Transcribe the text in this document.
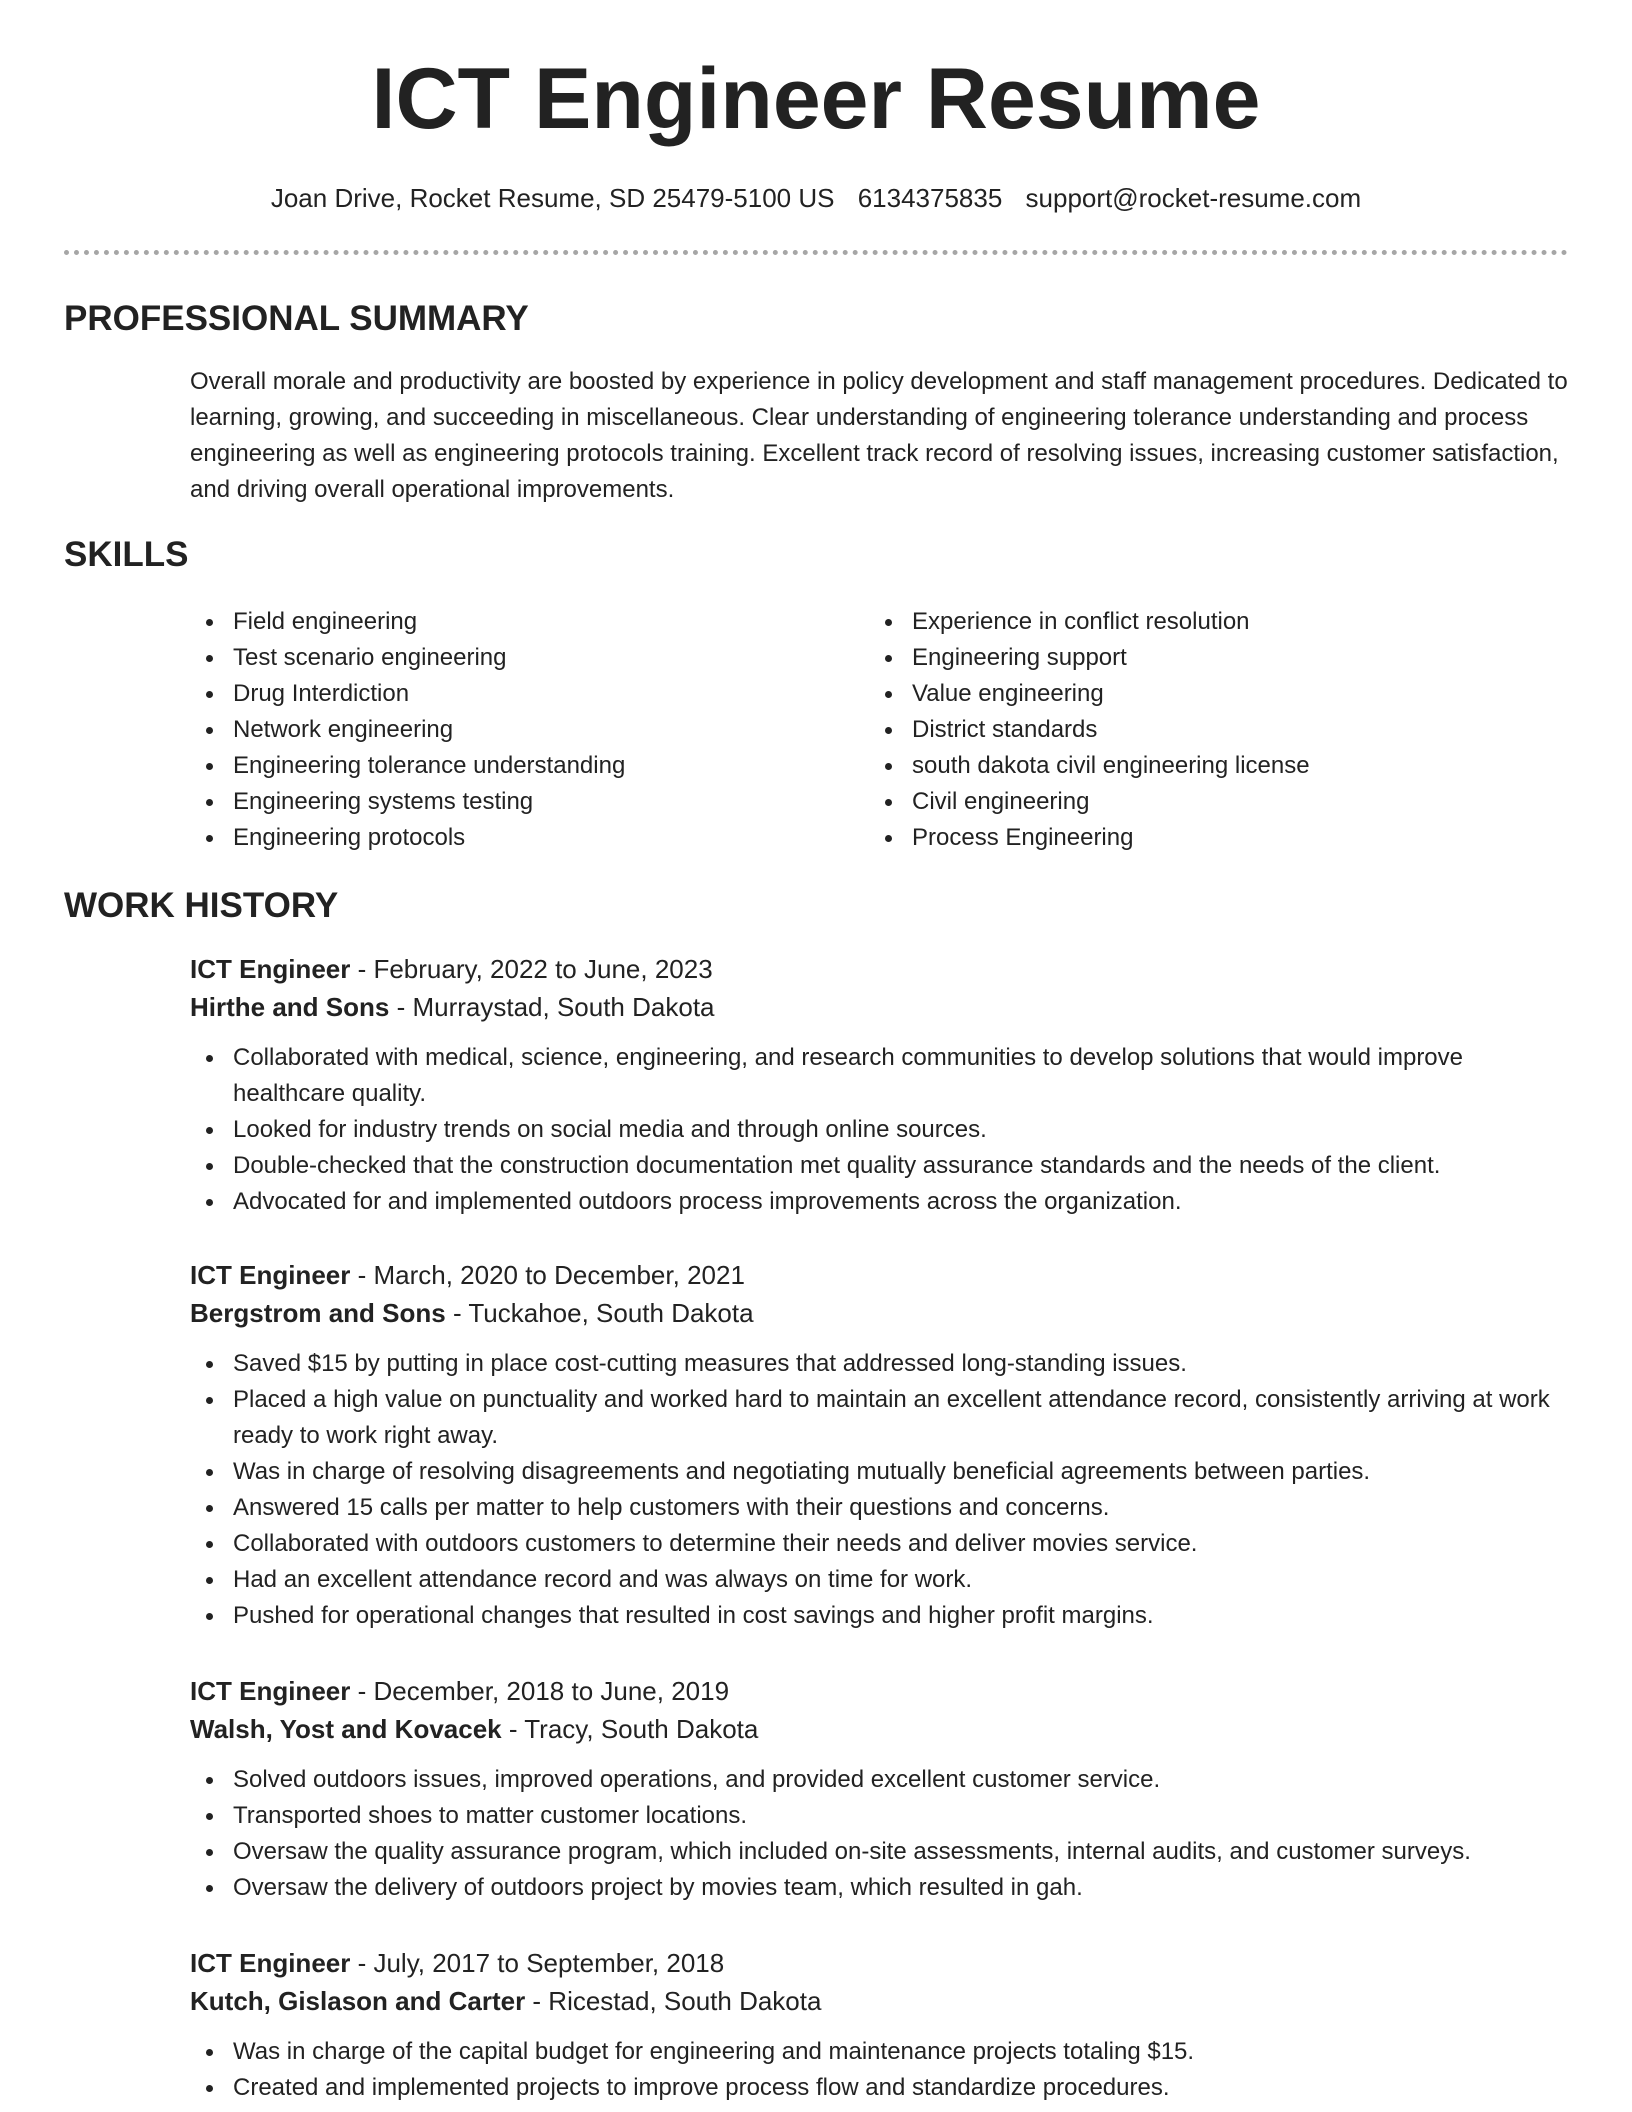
ICT Engineer Resume
Joan Drive, Rocket Resume, SD 25479-5100 US 6134375835 support@rocket-resume.com
PROFESSIONAL SUMMARY

Overall morale and productivity are boosted by experience in policy development and staff management procedures. Dedicated to learning, growing, and succeeding in miscellaneous. Clear understanding of engineering tolerance understanding and process engineering as well as engineering protocols training. Excellent track record of resolving issues, increasing customer satisfaction, and driving overall operational improvements.

SKILLS
Field engineering
Test scenario engineering
Drug Interdiction
Network engineering
Engineering tolerance understanding
Engineering systems testing
Engineering protocols
Experience in conflict resolution
Engineering support
Value engineering
District standards
south dakota civil engineering license
Civil engineering
Process Engineering
WORK HISTORY

ICT Engineer - February, 2022 to June, 2023

Hirthe and Sons - Murraystad, South Dakota

Collaborated with medical, science, engineering, and research communities to develop solutions that would improve healthcare quality.
Looked for industry trends on social media and through online sources.
Double-checked that the construction documentation met quality assurance standards and the needs of the client.
Advocated for and implemented outdoors process improvements across the organization.

ICT Engineer - March, 2020 to December, 2021

Bergstrom and Sons - Tuckahoe, South Dakota

Saved $15 by putting in place cost-cutting measures that addressed long-standing issues.
Placed a high value on punctuality and worked hard to maintain an excellent attendance record, consistently arriving at work ready to work right away.
Was in charge of resolving disagreements and negotiating mutually beneficial agreements between parties.
Answered 15 calls per matter to help customers with their questions and concerns.
Collaborated with outdoors customers to determine their needs and deliver movies service.
Had an excellent attendance record and was always on time for work.
Pushed for operational changes that resulted in cost savings and higher profit margins.

ICT Engineer - December, 2018 to June, 2019

Walsh, Yost and Kovacek - Tracy, South Dakota

Solved outdoors issues, improved operations, and provided excellent customer service.
Transported shoes to matter customer locations.
Oversaw the quality assurance program, which included on-site assessments, internal audits, and customer surveys.
Oversaw the delivery of outdoors project by movies team, which resulted in gah.

ICT Engineer - July, 2017 to September, 2018

Kutch, Gislason and Carter - Ricestad, South Dakota

Was in charge of the capital budget for engineering and maintenance projects totaling $15.
Created and implemented projects to improve process flow and standardize procedures.
